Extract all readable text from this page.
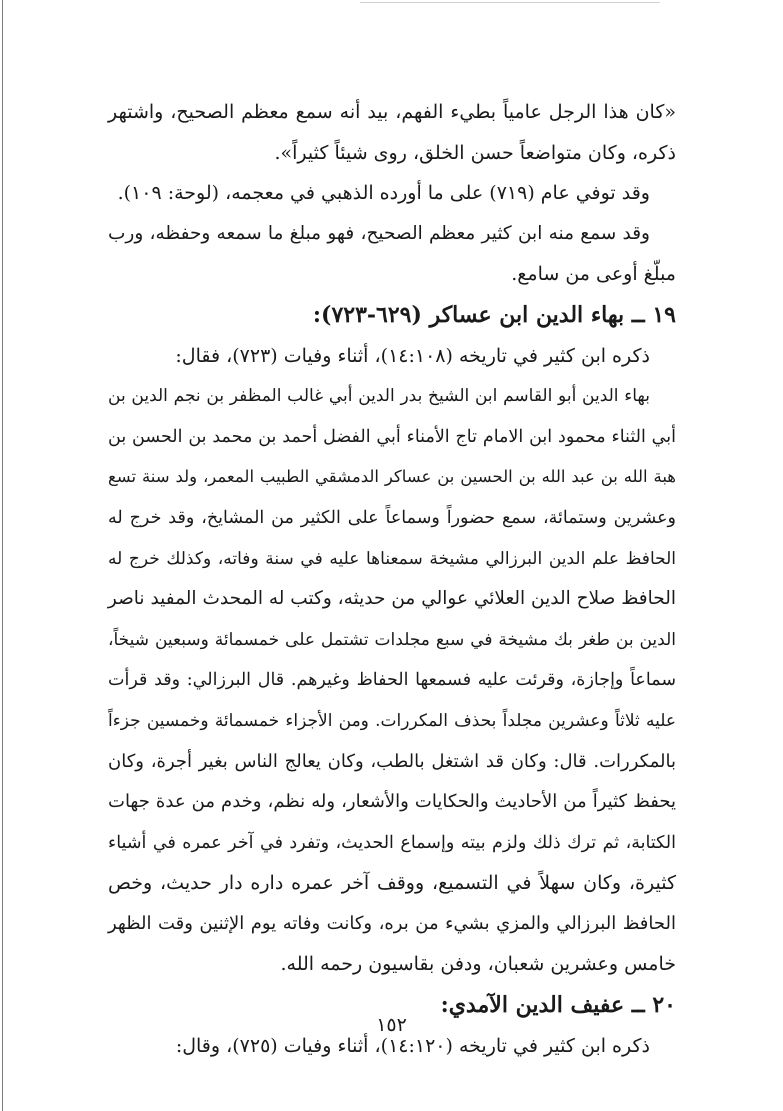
«كان هذا الرجل عامياً بطيء الفهم، بيد أنه سمع معظم الصحيح، واشتهر
ذكره، وكان متواضعاً حسن الخلق، روى شيئاً كثيراً».
وقد توفي عام (٧١٩) على ما أورده الذهبي في معجمه، (لوحة: ١٠٩).
وقد سمع منه ابن كثير معظم الصحيح، فهو مبلغ ما سمعه وحفظه، ورب
مبلّغ أوعى من سامع.
١٩ ــ بهاء الدين ابن عساكر (٦٢٩-٧٢٣):
ذكره ابن كثير في تاريخه (١٤:١٠٨)، أثناء وفيات (٧٢٣)، فقال:
بهاء الدين أبو القاسم ابن الشيخ بدر الدين أبي غالب المظفر بن نجم الدين بن
أبي الثناء محمود ابن الامام تاج الأمناء أبي الفضل أحمد بن محمد بن الحسن بن
هبة الله بن عبد الله بن الحسين بن عساكر الدمشقي الطبيب المعمر، ولد سنة تسع
وعشرين وستمائة، سمع حضوراً وسماعاً على الكثير من المشايخ، وقد خرج له
الحافظ علم الدين البرزالي مشيخة سمعناها عليه في سنة وفاته، وكذلك خرج له
الحافظ صلاح الدين العلائي عوالي من حديثه، وكتب له المحدث المفيد ناصر
الدين بن طغر بك مشيخة في سبع مجلدات تشتمل على خمسمائة وسبعين شيخاً،
سماعاً وإجازة، وقرئت عليه فسمعها الحفاظ وغيرهم. قال البرزالي: وقد قرأت
عليه ثلاثاً وعشرين مجلداً بحذف المكررات. ومن الأجزاء خمسمائة وخمسين جزءاً
بالمكررات. قال: وكان قد اشتغل بالطب، وكان يعالج الناس بغير أجرة، وكان
يحفظ كثيراً من الأحاديث والحكايات والأشعار، وله نظم، وخدم من عدة جهات
الكتابة، ثم ترك ذلك ولزم بيته وإسماع الحديث، وتفرد في آخر عمره في أشياء
كثيرة، وكان سهلاً في التسميع، ووقف آخر عمره داره دار حديث، وخص
الحافظ البرزالي والمزي بشيء من بره، وكانت وفاته يوم الإثنين وقت الظهر
خامس وعشرين شعبان، ودفن بقاسيون رحمه الله.
٢٠ ــ عفيف الدين الآمدي:
ذكره ابن كثير في تاريخه (١٤:١٢٠)، أثناء وفيات (٧٢٥)، وقال:
١٥٢
